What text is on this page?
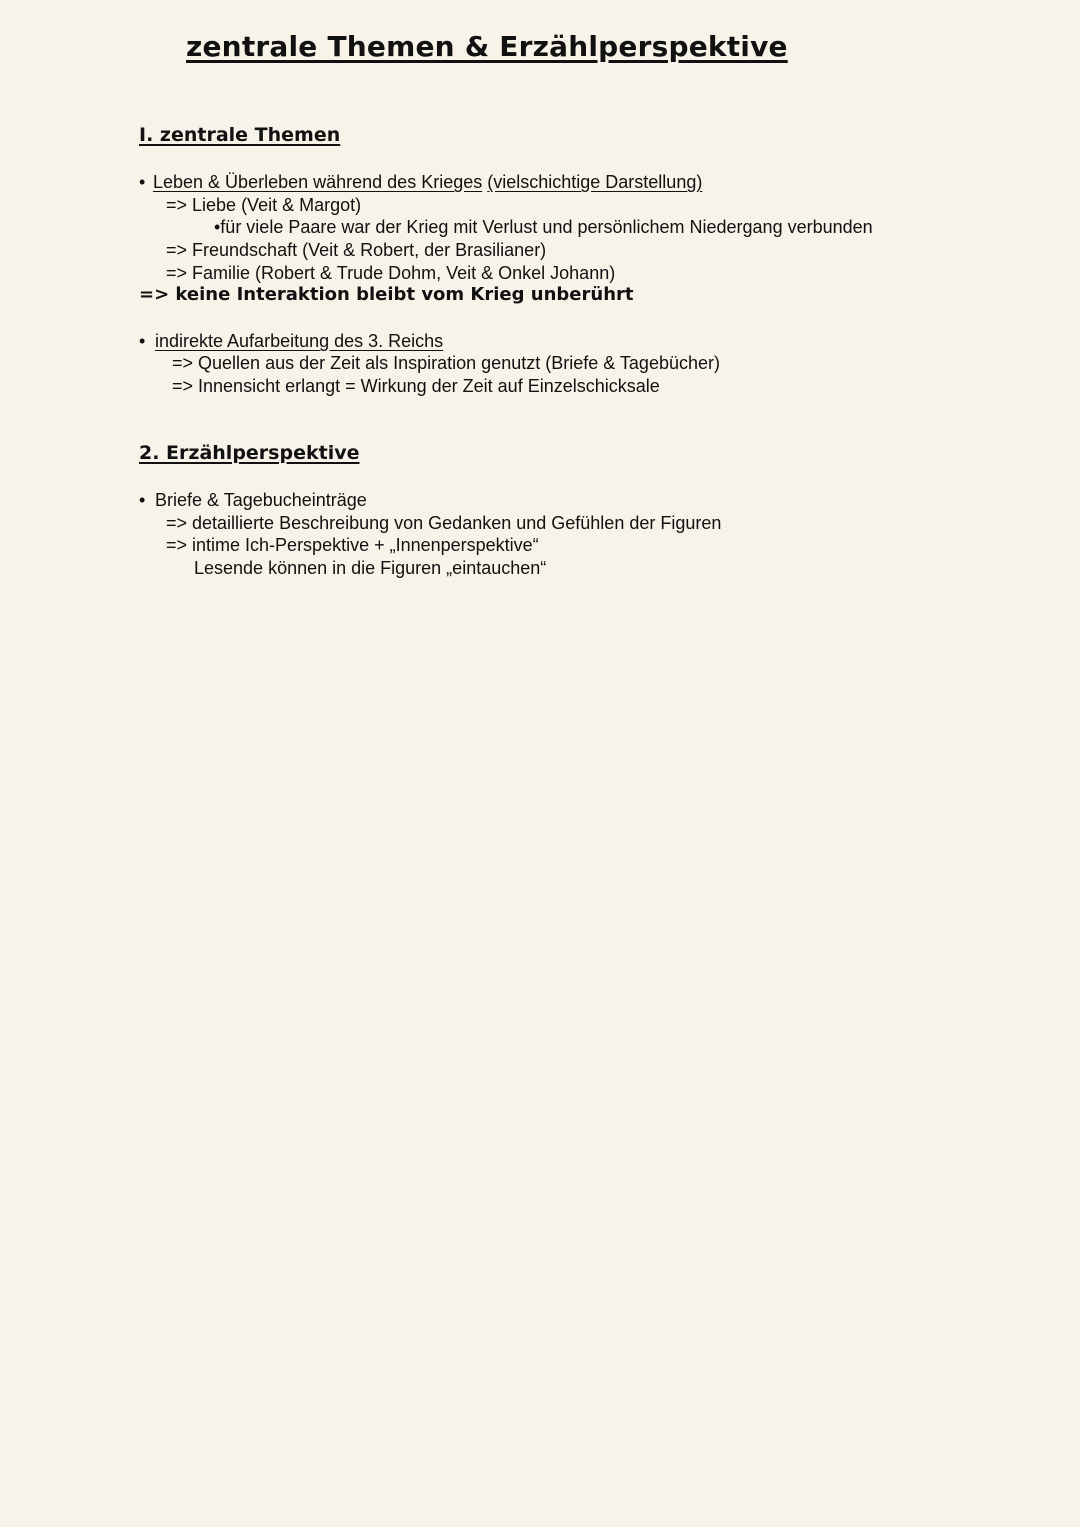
zentrale Themen & Erzählperspektive
I. zentrale Themen
• Leben & Überleben während des Krieges (vielschichtige Darstellung)
=> Liebe (Veit & Margot)
•für viele Paare war der Krieg mit Verlust und persönlichem Niedergang verbunden
=> Freundschaft (Veit & Robert, der Brasilianer)
=> Familie (Robert & Trude Dohm, Veit & Onkel Johann)
=> keine Interaktion bleibt vom Krieg unberührt
• indirekte Aufarbeitung des 3. Reichs
=> Quellen aus der Zeit als Inspiration genutzt (Briefe & Tagebücher)
=> Innensicht erlangt = Wirkung der Zeit auf Einzelschicksale
2. Erzählperspektive
• Briefe & Tagebucheinträge
=> detaillierte Beschreibung von Gedanken und Gefühlen der Figuren
=> intime Ich-Perspektive + „Innenperspektive“
Lesende können in die Figuren „eintauchen“
